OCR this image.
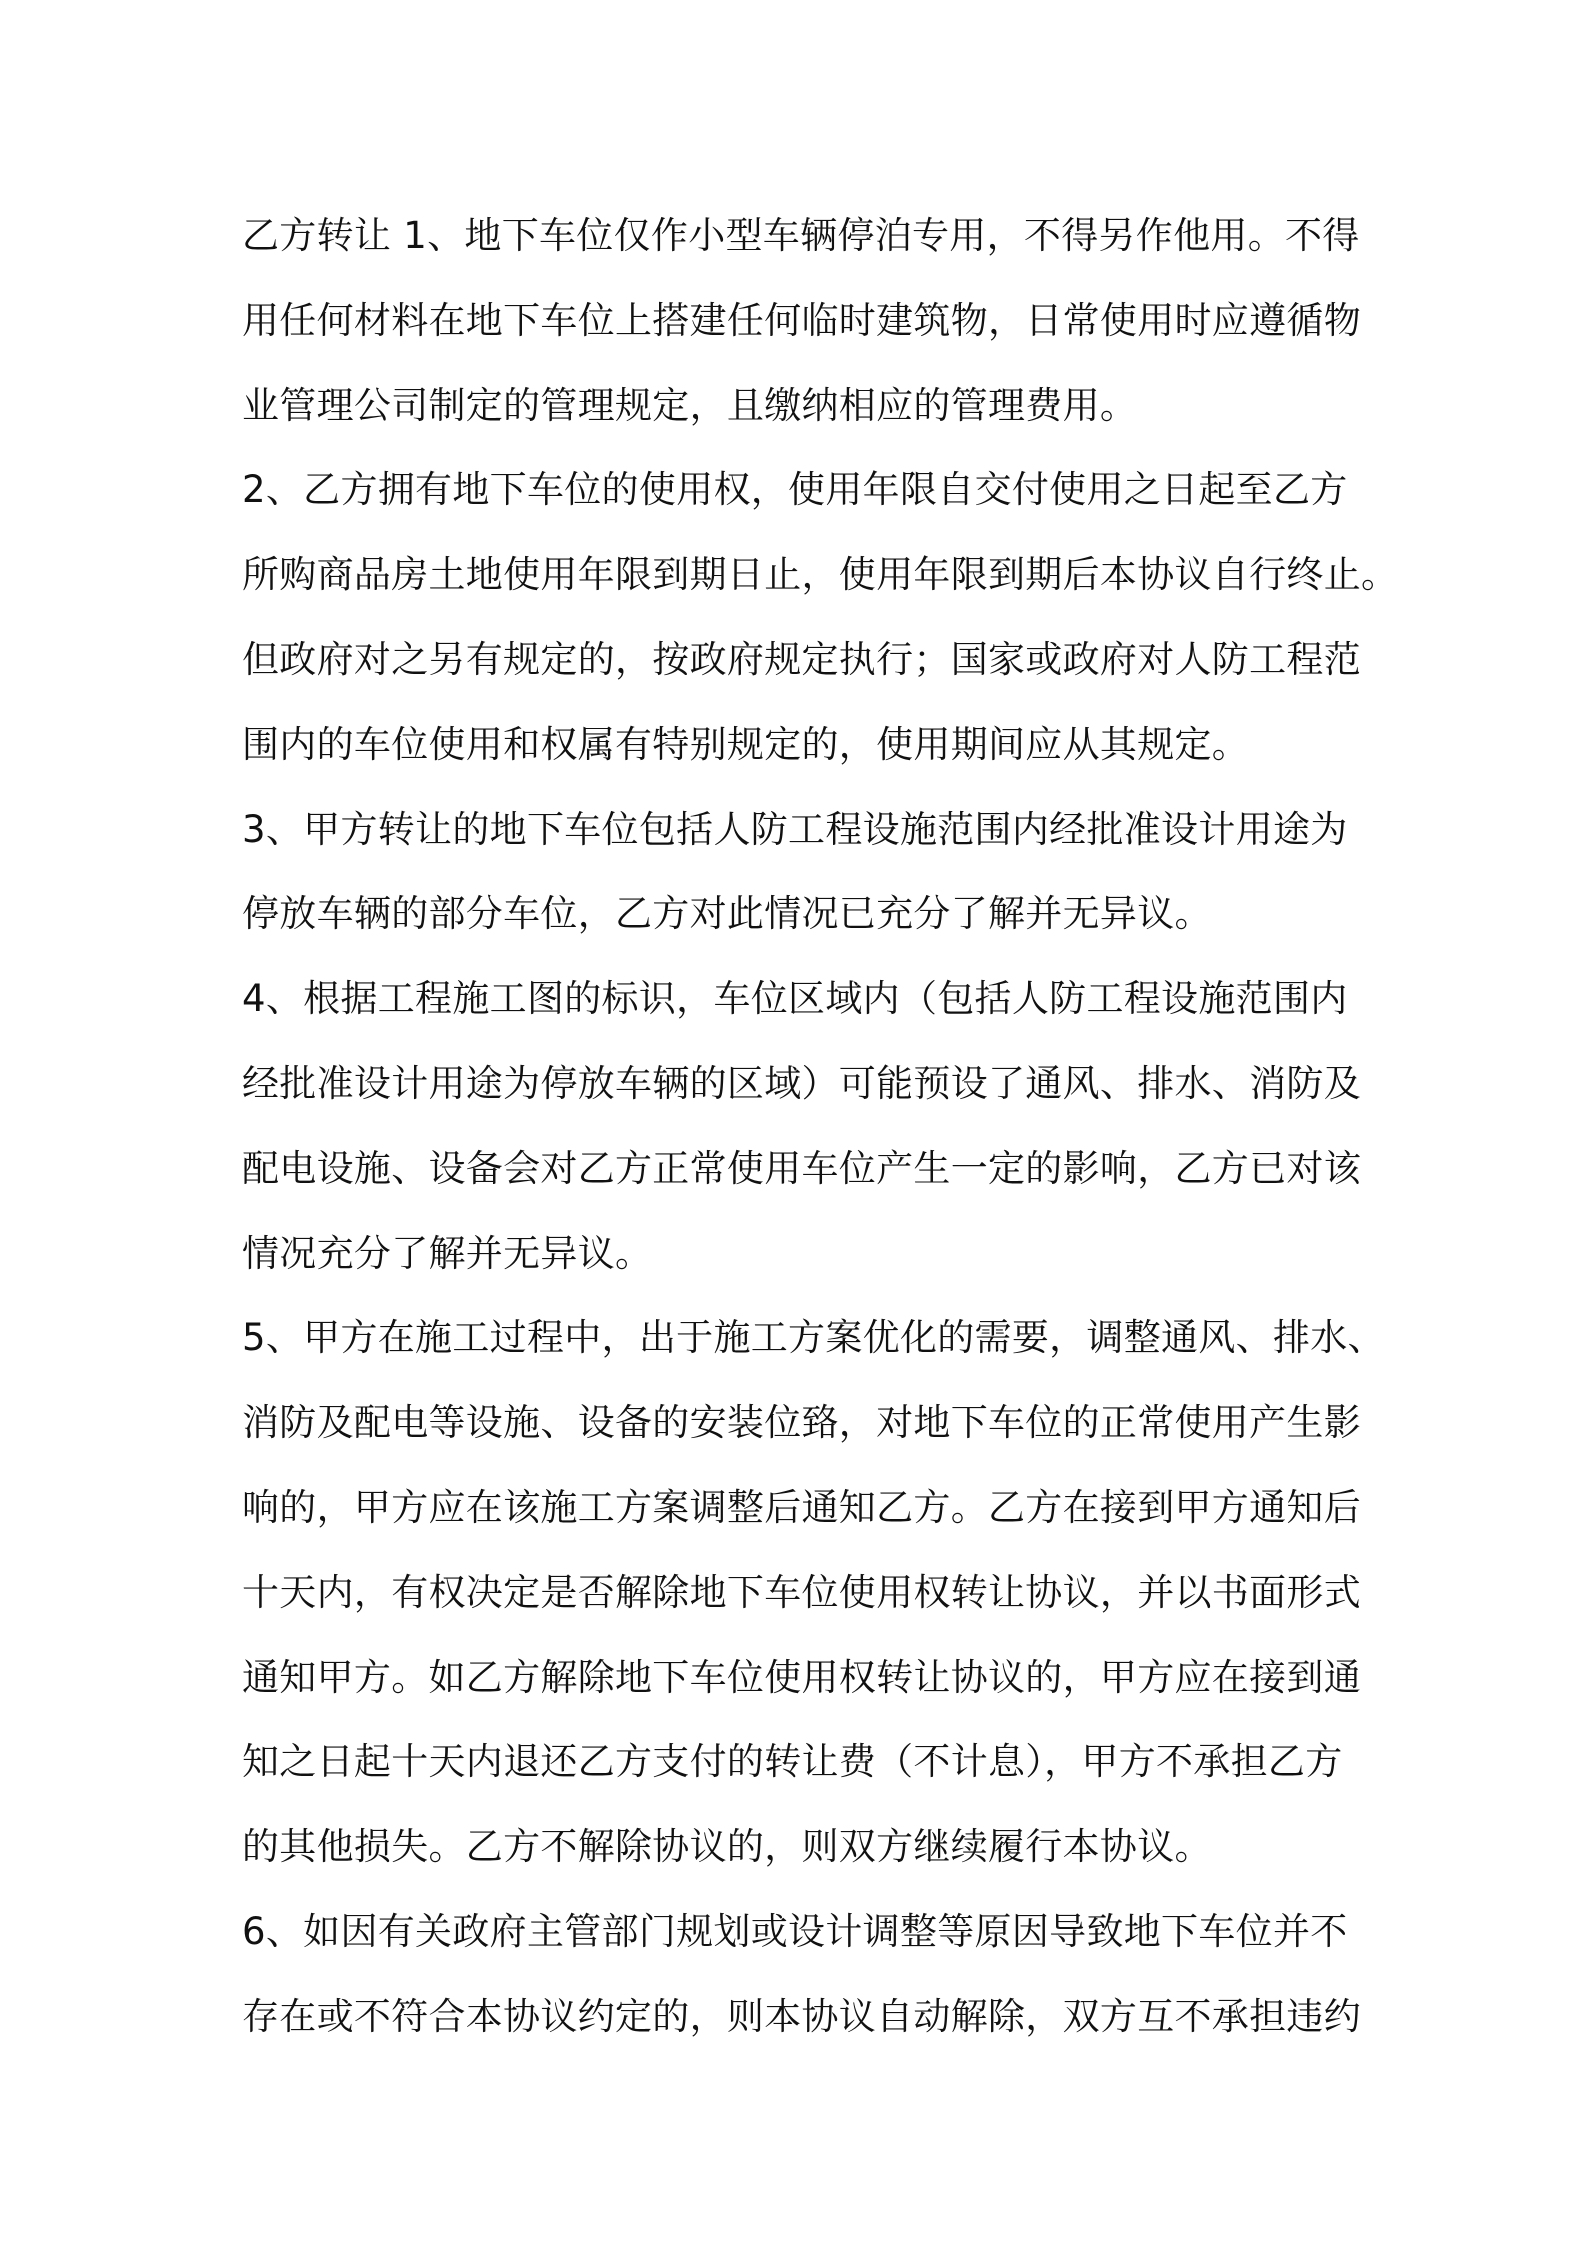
乙方转让 1、地下车位仅作小型车辆停泊专用，不得另作他用。不得
用任何材料在地下车位上搭建任何临时建筑物，日常使用时应遵循物
业管理公司制定的管理规定，且缴纳相应的管理费用。
2、乙方拥有地下车位的使用权，使用年限自交付使用之日起至乙方
所购商品房土地使用年限到期日止，使用年限到期后本协议自行终止。
但政府对之另有规定的，按政府规定执行；国家或政府对人防工程范
围内的车位使用和权属有特别规定的，使用期间应从其规定。
3、甲方转让的地下车位包括人防工程设施范围内经批准设计用途为
停放车辆的部分车位，乙方对此情况已充分了解并无异议。
4、根据工程施工图的标识，车位区域内（包括人防工程设施范围内
经批准设计用途为停放车辆的区域）可能预设了通风、排水、消防及
配电设施、设备会对乙方正常使用车位产生一定的影响，乙方已对该
情况充分了解并无异议。
5、甲方在施工过程中，出于施工方案优化的需要，调整通风、排水、
消防及配电等设施、设备的安装位臵，对地下车位的正常使用产生影
响的，甲方应在该施工方案调整后通知乙方。乙方在接到甲方通知后
十天内，有权决定是否解除地下车位使用权转让协议，并以书面形式
通知甲方。如乙方解除地下车位使用权转让协议的，甲方应在接到通
知之日起十天内退还乙方支付的转让费（不计息），甲方不承担乙方
的其他损失。乙方不解除协议的，则双方继续履行本协议。
6、如因有关政府主管部门规划或设计调整等原因导致地下车位并不
存在或不符合本协议约定的，则本协议自动解除，双方互不承担违约
